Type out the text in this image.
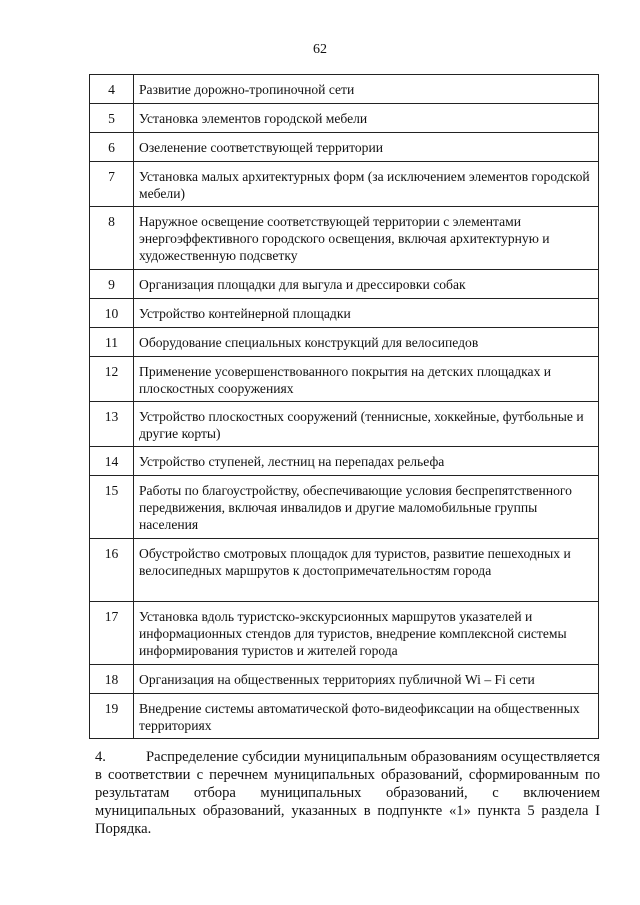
62
4	Развитие дорожно-тропиночной сети
5	Установка элементов городской мебели
6	Озеленение соответствующей территории
7	Установка малых архитектурных форм (за исключением элементов городской мебели)
8	Наружное освещение соответствующей территории с элементами энергоэффективного городского освещения, включая архитектурную и художественную подсветку
9	Организация площадки для выгула и дрессировки собак
10	Устройство контейнерной площадки
11	Оборудование специальных конструкций для велосипедов
12	Применение усовершенствованного покрытия на детских площадках и плоскостных сооружениях
13	Устройство плоскостных сооружений (теннисные, хоккейные, футбольные и другие корты)
14	Устройство ступеней, лестниц на перепадах рельефа
15	Работы по благоустройству, обеспечивающие условия беспрепятственного передвижения, включая инвалидов и другие маломобильные группы населения
16	Обустройство смотровых площадок для туристов, развитие пешеходных и велосипедных маршрутов к достопримечательностям города
17	Установка вдоль туристско-экскурсионных маршрутов указателей и информационных стендов для туристов, внедрение комплексной системы информирования туристов и жителей города
18	Организация на общественных территориях публичной Wi – Fi сети
19	Внедрение системы автоматической фото-видеофиксации на общественных территориях
4.	Распределение субсидии муниципальным образованиям осуществляется в соответствии с перечнем муниципальных образований, сформированным по результатам отбора муниципальных образований, с включением муниципальных образований, указанных в подпункте «1» пункта 5 раздела I Порядка.
